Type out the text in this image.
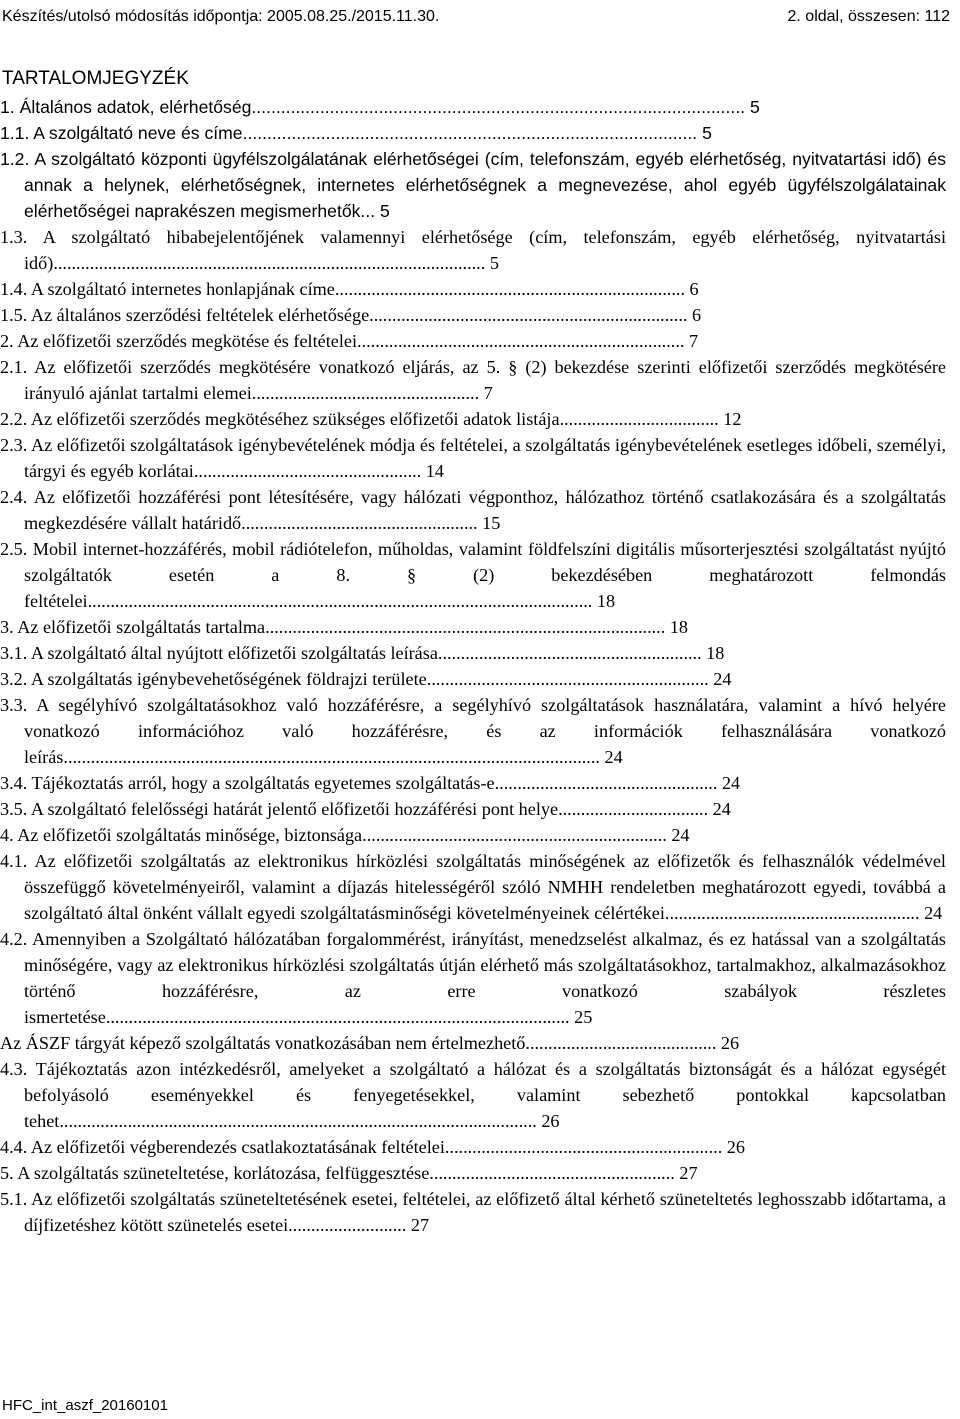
Készítés/utolsó módosítás időpontja: 2005.08.25./2015.11.30.	2. oldal, összesen: 112
TARTALOMJEGYZÉK

1. Általános adatok, elérhetőség..................................................................................................... 5

1.1. A szolgáltató neve és címe............................................................................................. 5

1.2. A szolgáltató központi ügyfélszolgálatának elérhetőségei (cím, telefonszám, egyéb elérhetőség, nyitvatartási idő) és annak a helynek, elérhetőségnek, internetes elérhetőségnek a megnevezése, ahol egyéb ügyfélszolgálatainak elérhetőségei naprakészen megismerhetők... 5

1.3. A szolgáltató hibabejelentőjének valamennyi elérhetősége (cím, telefonszám, egyéb elérhetőség, nyitvatartási idő)............................................................................................... 5

1.4. A szolgáltató internetes honlapjának címe............................................................................. 6

1.5. Az általános szerződési feltételek elérhetősége...................................................................... 6

2. Az előfizetői szerződés megkötése és feltételei........................................................................ 7

2.1. Az előfizetői szerződés megkötésére vonatkozó eljárás, az 5. § (2) bekezdése szerinti előfizetői szerződés megkötésére irányuló ajánlat tartalmi elemei.................................................. 7

2.2. Az előfizetői szerződés megkötéséhez szükséges előfizetői adatok listája................................... 12

2.3. Az előfizetői szolgáltatások igénybevételének módja és feltételei, a szolgáltatás igénybevételének esetleges időbeli, személyi, tárgyi és egyéb korlátai.................................................. 14

2.4. Az előfizetői hozzáférési pont létesítésére, vagy hálózati végponthoz, hálózathoz történő csatlakozására és a szolgáltatás megkezdésére vállalt határidő.................................................... 15

2.5. Mobil internet-hozzáférés, mobil rádiótelefon, műholdas, valamint földfelszíni digitális műsorterjesztési szolgáltatást nyújtó szolgáltatók esetén a 8. § (2) bekezdésében meghatározott felmondás feltételei............................................................................................................... 18

3. Az előfizetői szolgáltatás tartalma........................................................................................ 18

3.1. A szolgáltató által nyújtott előfizetői szolgáltatás leírása.......................................................... 18

3.2. A szolgáltatás igénybevehetőségének földrajzi területe.............................................................. 24

3.3. A segélyhívó szolgáltatásokhoz való hozzáférésre, a segélyhívó szolgáltatások használatára, valamint a hívó helyére vonatkozó információhoz való hozzáférésre, és az információk felhasználására vonatkozó leírás...................................................................................................................... 24

3.4. Tájékoztatás arról, hogy a szolgáltatás egyetemes szolgáltatás-e................................................. 24

3.5. A szolgáltató felelősségi határát jelentő előfizetői hozzáférési pont helye................................. 24

4. Az előfizetői szolgáltatás minősége, biztonsága................................................................... 24

4.1. Az előfizetői szolgáltatás az elektronikus hírközlési szolgáltatás minőségének az előfizetők és felhasználók védelmével összefüggő követelményeiről, valamint a díjazás hitelességéről szóló NMHH rendeletben meghatározott egyedi, továbbá a szolgáltató által önként vállalt egyedi szolgáltatásminőségi követelményeinek célértékei........................................................ 24

4.2. Amennyiben a Szolgáltató hálózatában forgalommérést, irányítást, menedzselést alkalmaz, és ez hatással van a szolgáltatás minőségére, vagy az elektronikus hírközlési szolgáltatás útján elérhető más szolgáltatásokhoz, tartalmakhoz, alkalmazásokhoz történő hozzáférésre, az erre vonatkozó szabályok részletes ismertetése...................................................................................................... 25

Az ÁSZF tárgyát képező szolgáltatás vonatkozásában nem értelmezhető.......................................... 26

4.3. Tájékoztatás azon intézkedésről, amelyeket a szolgáltató a hálózat és a szolgáltatás biztonságát és a hálózat egységét befolyásoló eseményekkel és fenyegetésekkel, valamint sebezhető pontokkal kapcsolatban tehet......................................................................................................... 26

4.4. Az előfizetői végberendezés csatlakoztatásának feltételei............................................................. 26

5. A szolgáltatás szüneteltetése, korlátozása, felfüggesztése...................................................... 27

5.1. Az előfizetői szolgáltatás szüneteltetésének esetei, feltételei, az előfizető által kérhető szüneteltetés leghosszabb időtartama, a díjfizetéshez kötött szünetelés esetei.......................... 27

HFC_int_aszf_20160101
